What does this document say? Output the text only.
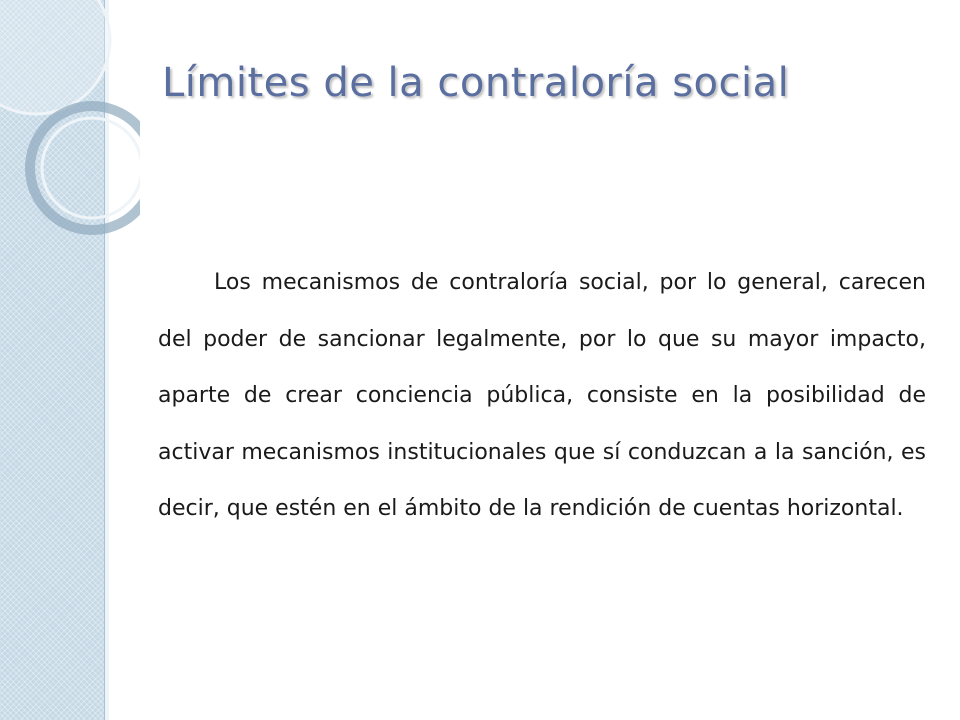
Límites de la contraloría social

Los mecanismos de contraloría social, por lo general, carecen del poder de sancionar legalmente, por lo que su mayor impacto, aparte de crear conciencia pública, consiste en la posibilidad de activar mecanismos institucionales que sí conduzcan a la sanción, es decir, que estén en el ámbito de la rendición de cuentas horizontal.
